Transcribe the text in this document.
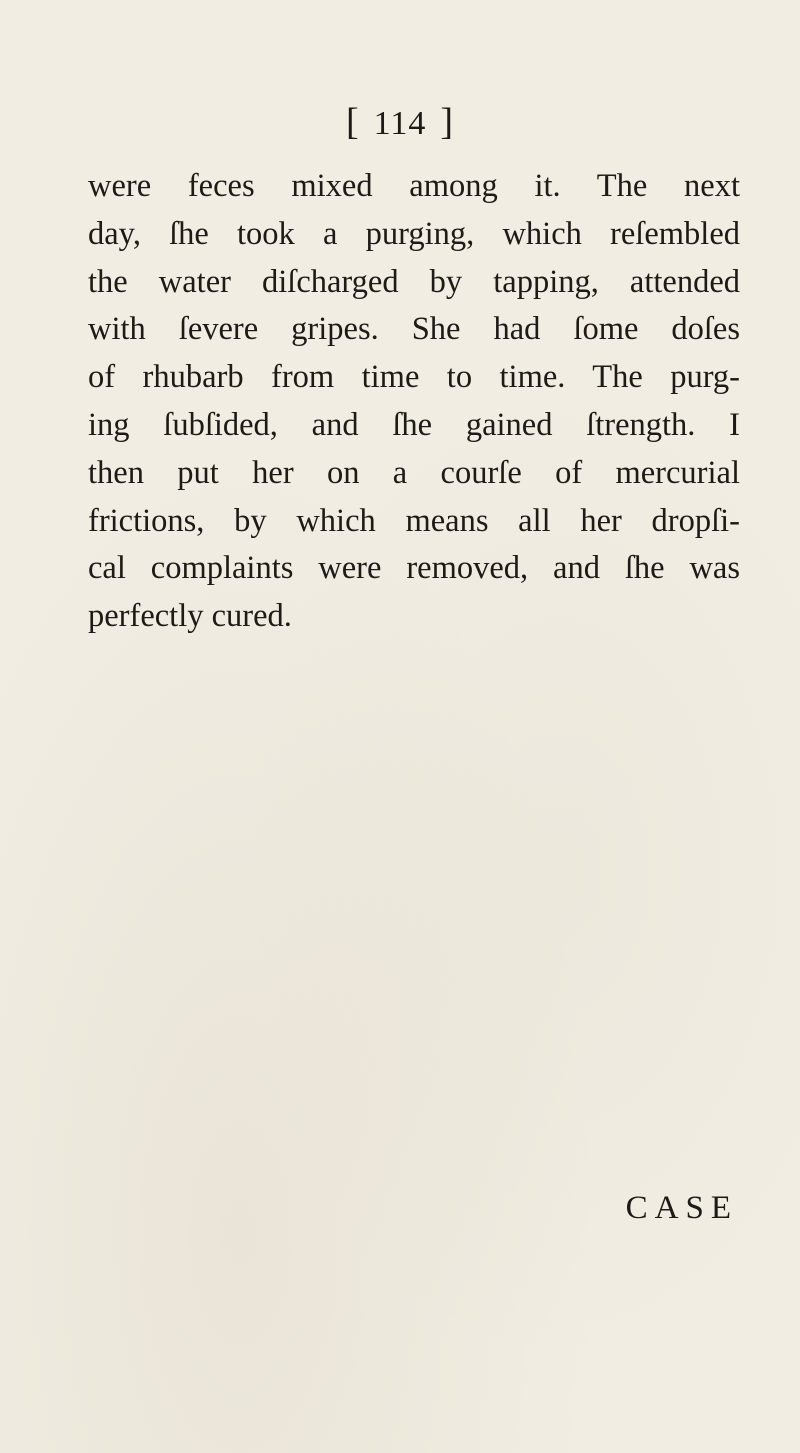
[ 114 ]
were feces mixed among it. The next
day, ſhe took a purging, which reſembled
the water diſcharged by tapping, attended
with ſevere gripes. She had ſome doſes
of rhubarb from time to time. The purg-
ing ſubſided, and ſhe gained ſtrength. I
then put her on a courſe of mercurial
frictions, by which means all her dropſi-
cal complaints were removed, and ſhe was
perfectly cured.
CASE
